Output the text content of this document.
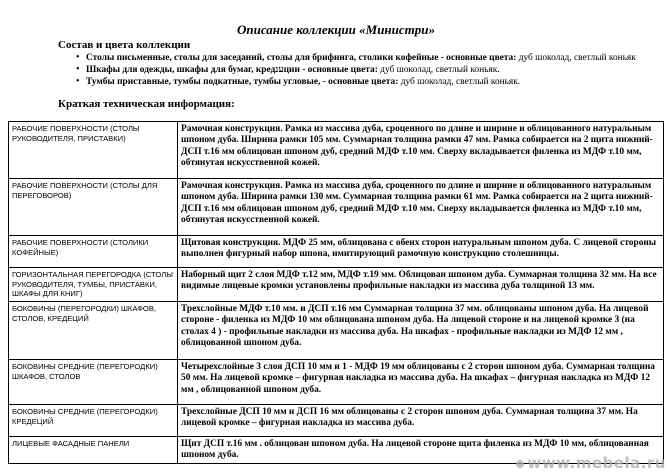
Описание коллекции «Министри»
Состав и цвета коллекции
• Столы письменные, столы для заседаний, столы для брифинга, столики кофейные - основные цвета: дуб шоколад, светлый коньяк
• Шкафы для одежды, шкафы для бумаг, кредענции - основные цвета: дуб шоколад, светлый коньяк.
• Тумбы приставные, тумбы подкатные, тумбы угловые, - основные цвета: дуб шоколад, светлый коньяк.
Краткая техническая информация:
РАБОЧИЕ ПОВЕРХНОСТИ (СТОЛЫ РУКОВОДИТЕЛЯ, ПРИСТАВКИ)	Рамочная конструкция. Рамка из массива дуба, сроценного по длине и ширине и облицованного натуральным шпоном дуба. Ширина рамки 105 мм. Суммарная толщина рамки 47 мм. Рамка собирается на 2 щита нижний- ДСП т.16 мм облицован шпоном дуб, средний МДФ т.10 мм. Сверху вкладывается филенка из МДФ т.10 мм, обтянутая искусственной кожей.
РАБОЧИЕ ПОВЕРХНОСТИ (СТОЛЫ ДЛЯ ПЕРЕГОВОРОВ)	Рамочная конструкция. Рамка из массива дуба, сроценного по длине и ширине и облицованного натуральным шпоном дуба. Ширина рамки 130 мм. Суммарная толщина рамки 61 мм. Рамка собирается на 2 щита нижний- ДСП т.16 мм облицован шпоном дуб, средний МДФ т.10 мм. Сверху вкладывается филенка из МДФ т.10 мм, обтянутая искусственной кожей.
РАБОЧИЕ ПОВЕРХНОСТИ (СТОЛИКИ КОФЕЙНЫЕ)	Щитовая конструкция. МДФ 25 мм, облицована с обеих сторон натуральным шпоном дуба. С лицевой стороны выполнен фигурный набор шпона, имитирующий рамочную конструкцию столешницы.
ГОРИЗОНТАЛЬНАЯ ПЕРЕГОРОДКА (СТОЛЫ РУКОВОДИТЕЛЯ, ТУМБЫ, ПРИСТАВКИ, ШКАФЫ ДЛЯ КНИГ)	Наборный щит 2 слоя МДФ т.12 мм, МДФ т.19 мм. Облицован шпоном дуба. Суммарная толщина 32 мм. На все видимые лицевые кромки установлены профильные накладки из массива дуба толщиной 13 мм.
БОКОВИНЫ (ПЕРЕГОРОДКИ) ШКАФОВ, СТОЛОВ, КРЕДЕЦИЙ	Трехслойные МДФ т.10 мм. и ДСП т.16 мм Суммарная толщина 37 мм. облицованы шпоном дуба. На лицевой стороне - филенка из МДФ 10 мм облицована шпоном дуба. На лицевой стороне и на лицевой кромке 3 (на столах 4 ) - профильные накладки из массива дуба. На шкафах - профильные накладки из МДФ 12 мм , облицованной шпоном дуба.
БОКОВИНЫ СРЕДНИЕ (ПЕРЕГОРОДКИ) ШКАФОВ, СТОЛОВ	Четырехслойные 3 слоя ДСП 10 мм и 1 - МДФ 19 мм облицованы с 2 сторон шпоном дуба. Суммарная толщина 50 мм. На лицевой кромке – фигурная накладка из массива дуба. На шкафах – фигурная накладка из МДФ 12 мм , облицованной шпоном дуба.
БОКОВИНЫ СРЕДНИЕ (ПЕРЕГОРОДКИ) КРЕДЕЦИЙ	Трехслойные ДСП 10 мм и ДСП 16 мм облицованы с 2 сторон шпоном дуба. Суммарная толщина 37 мм. На лицевой кромке – фигурная накладка из массива дуба.
ЛИЦЕВЫЕ ФАСАДНЫЕ ПАНЕЛИ	Щит ДСП т.16 мм . облицован шпоном дуба. На лицевой стороне щита филенка из МДФ 10 мм, облицованная шпоном дуба.	www.mebela.ru
